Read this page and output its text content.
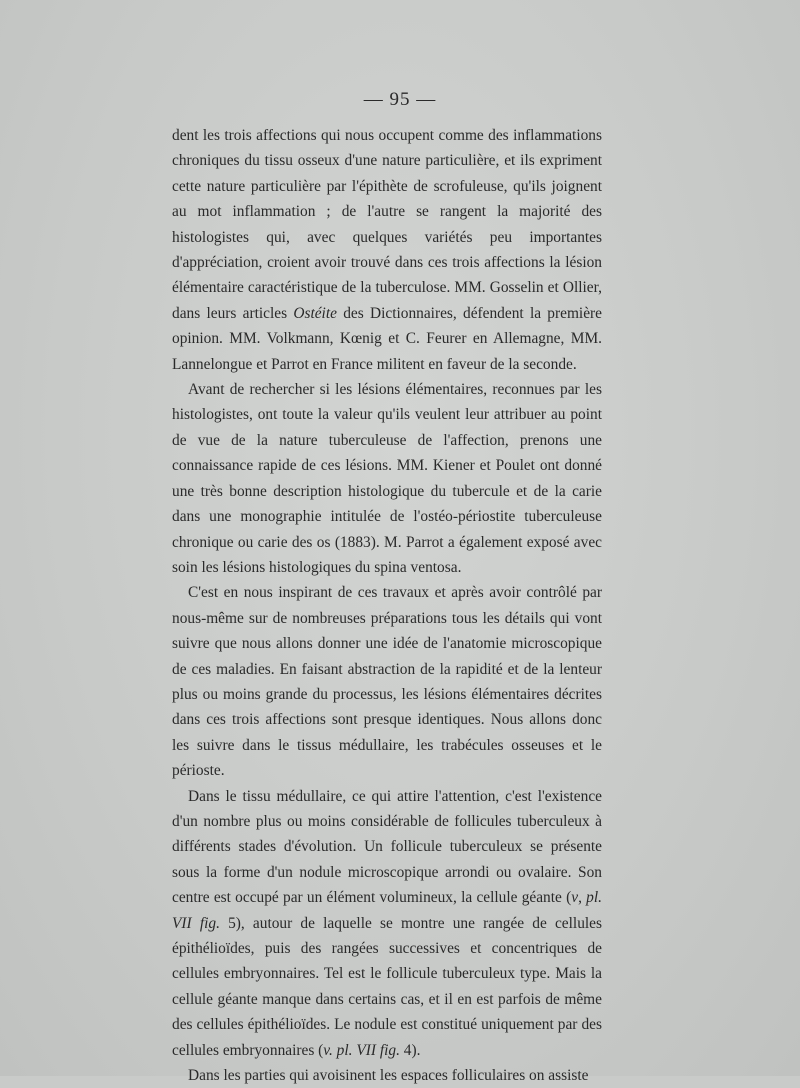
— 95 —

dent les trois affections qui nous occupent comme des inflammations chroniques du tissu osseux d'une nature particulière, et ils expriment cette nature particulière par l'épithète de scrofuleuse, qu'ils joignent au mot inflammation ; de l'autre se rangent la majorité des histologistes qui, avec quelques variétés peu importantes d'appréciation, croient avoir trouvé dans ces trois affections la lésion élémentaire caractéristique de la tuberculose. MM. Gosselin et Ollier, dans leurs articles Ostéite des Dictionnaires, défendent la première opinion. MM. Volkmann, Kœnig et C. Feurer en Allemagne, MM. Lannelongue et Parrot en France militent en faveur de la seconde.

Avant de rechercher si les lésions élémentaires, reconnues par les histologistes, ont toute la valeur qu'ils veulent leur attribuer au point de vue de la nature tuberculeuse de l'affection, prenons une connaissance rapide de ces lésions. MM. Kiener et Poulet ont donné une très bonne description histologique du tubercule et de la carie dans une monographie intitulée de l'ostéo-périostite tuberculeuse chronique ou carie des os (1883). M. Parrot a également exposé avec soin les lésions histologiques du spina ventosa.

C'est en nous inspirant de ces travaux et après avoir contrôlé par nous-même sur de nombreuses préparations tous les détails qui vont suivre que nous allons donner une idée de l'anatomie microscopique de ces maladies. En faisant abstraction de la rapidité et de la lenteur plus ou moins grande du processus, les lésions élémentaires décrites dans ces trois affections sont presque identiques. Nous allons donc les suivre dans le tissus médullaire, les trabécules osseuses et le périoste.

Dans le tissu médullaire, ce qui attire l'attention, c'est l'existence d'un nombre plus ou moins considérable de follicules tuberculeux à différents stades d'évolution. Un follicule tuberculeux se présente sous la forme d'un nodule microscopique arrondi ou ovalaire. Son centre est occupé par un élément volumineux, la cellule géante (v, pl. VII fig. 5), autour de laquelle se montre une rangée de cellules épithélioïdes, puis des rangées successives et concentriques de cellules embryonnaires. Tel est le follicule tuberculeux type. Mais la cellule géante manque dans certains cas, et il en est parfois de même des cellules épithélioïdes. Le nodule est constitué uniquement par des cellules embryonnaires (v. pl. VII fig. 4).

Dans les parties qui avoisinent les espaces folliculaires on assiste
